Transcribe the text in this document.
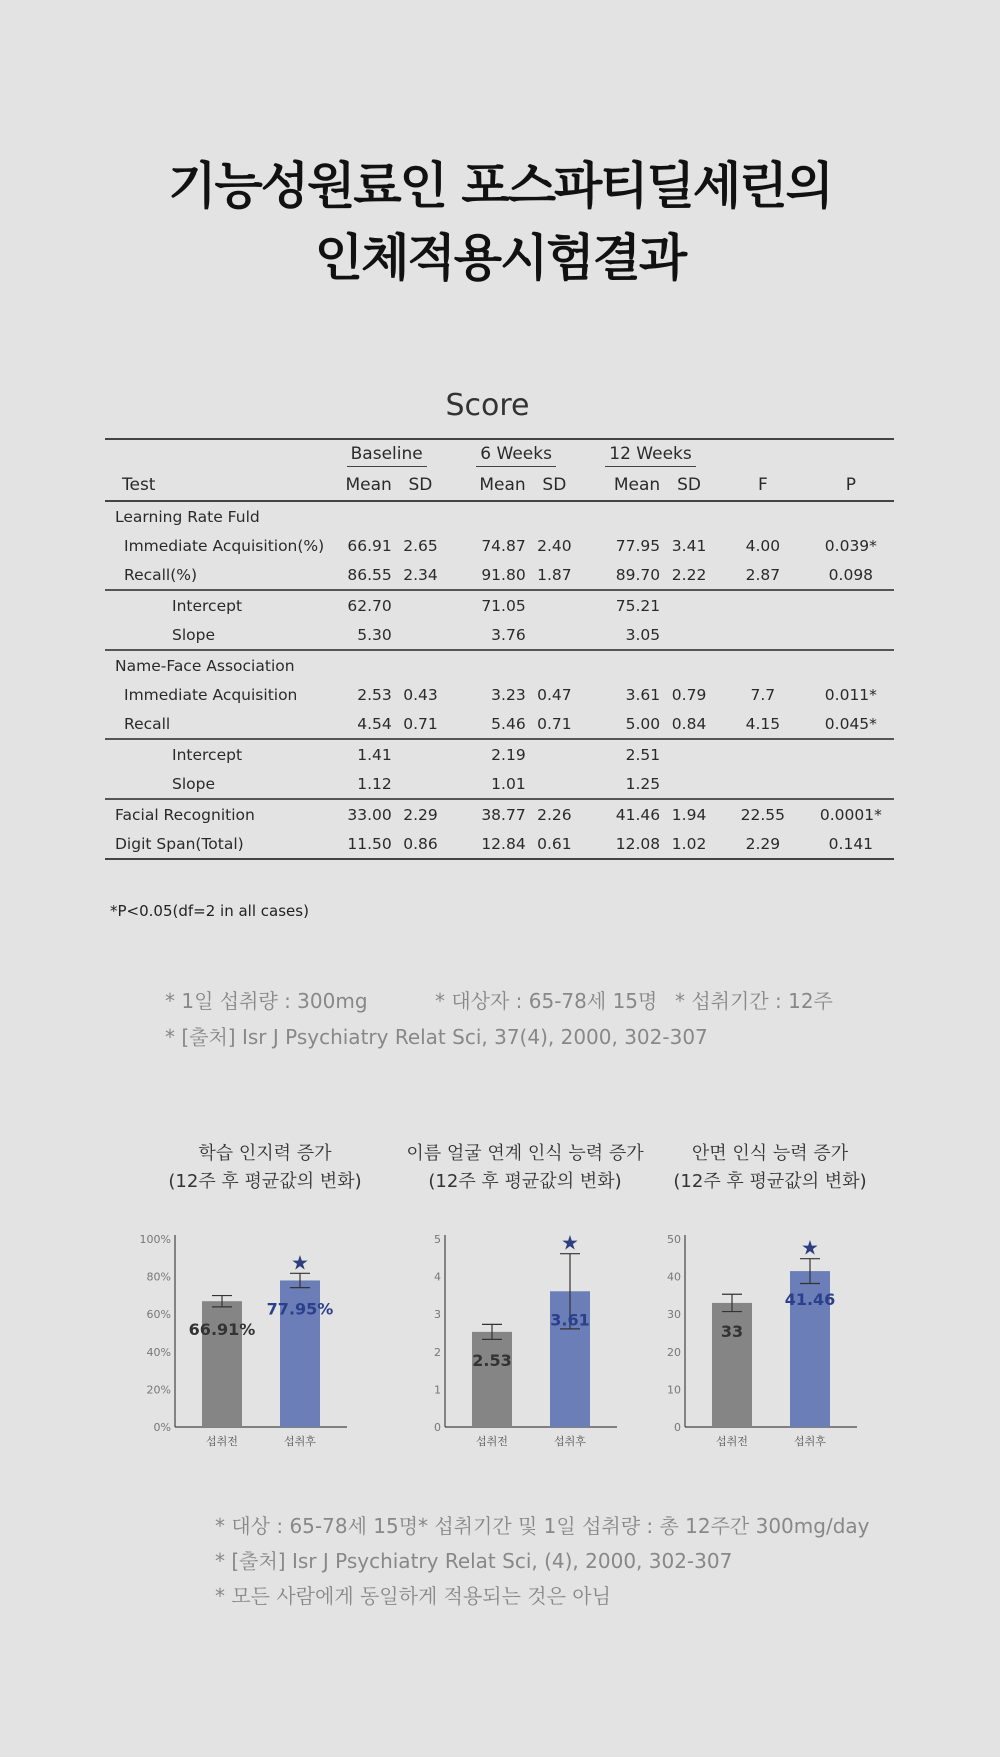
기능성원료인 포스파티딜세린의
인체적용시험결과
Score
	Baseline		6 Weeks		12 Weeks			
Test	Mean	SD	Mean	SD	Mean	SD	F	P
Learning Rate Fuld								
Immediate Acquisition(%)	66.91	2.65	74.87	2.40	77.95	3.41	4.00	0.039*
Recall(%)	86.55	2.34	91.80	1.87	89.70	2.22	2.87	0.098
Intercept	62.70		71.05		75.21			
Slope	5.30		3.76		3.05			
Name-Face Association								
Immediate Acquisition	2.53	0.43	3.23	0.47	3.61	0.79	7.7	0.011*
Recall	4.54	0.71	5.46	0.71	5.00	0.84	4.15	0.045*
Intercept	1.41		2.19		2.51			
Slope	1.12		1.01		1.25			
Facial Recognition	33.00	2.29	38.77	2.26	41.46	1.94	22.55	0.0001*
Digit Span(Total)	11.50	0.86	12.84	0.61	12.08	1.02	2.29	0.141
*P<0.05(df=2 in all cases)
* 1일 섭취량 : 300mg	* 대상자 : 65-78세 15명 * 섭취기간 : 12주
* [출처] Isr J Psychiatry Relat Sci, 37(4), 2000, 302-307
학습 인지력 증가
(12주 후 평균값의 변화)
이름 얼굴 연계 인식 능력 증가
(12주 후 평균값의 변화)
안면 인식 능력 증가
(12주 후 평균값의 변화)
0%
20%
40%
60%
80%
100%
66.91%
섭취전
★
77.95%
섭취후
0
1
2
3
4
5
2.53
섭취전
★
3.61
섭취후
0
10
20
30
40
50
33
섭취전
★
41.46
섭취후
* 대상 : 65-78세 15명 * 섭취기간 및 1일 섭취량 : 총 12주간 300mg/day
* [출처] Isr J Psychiatry Relat Sci, (4), 2000, 302-307
* 모든 사람에게 동일하게 적용되는 것은 아님
